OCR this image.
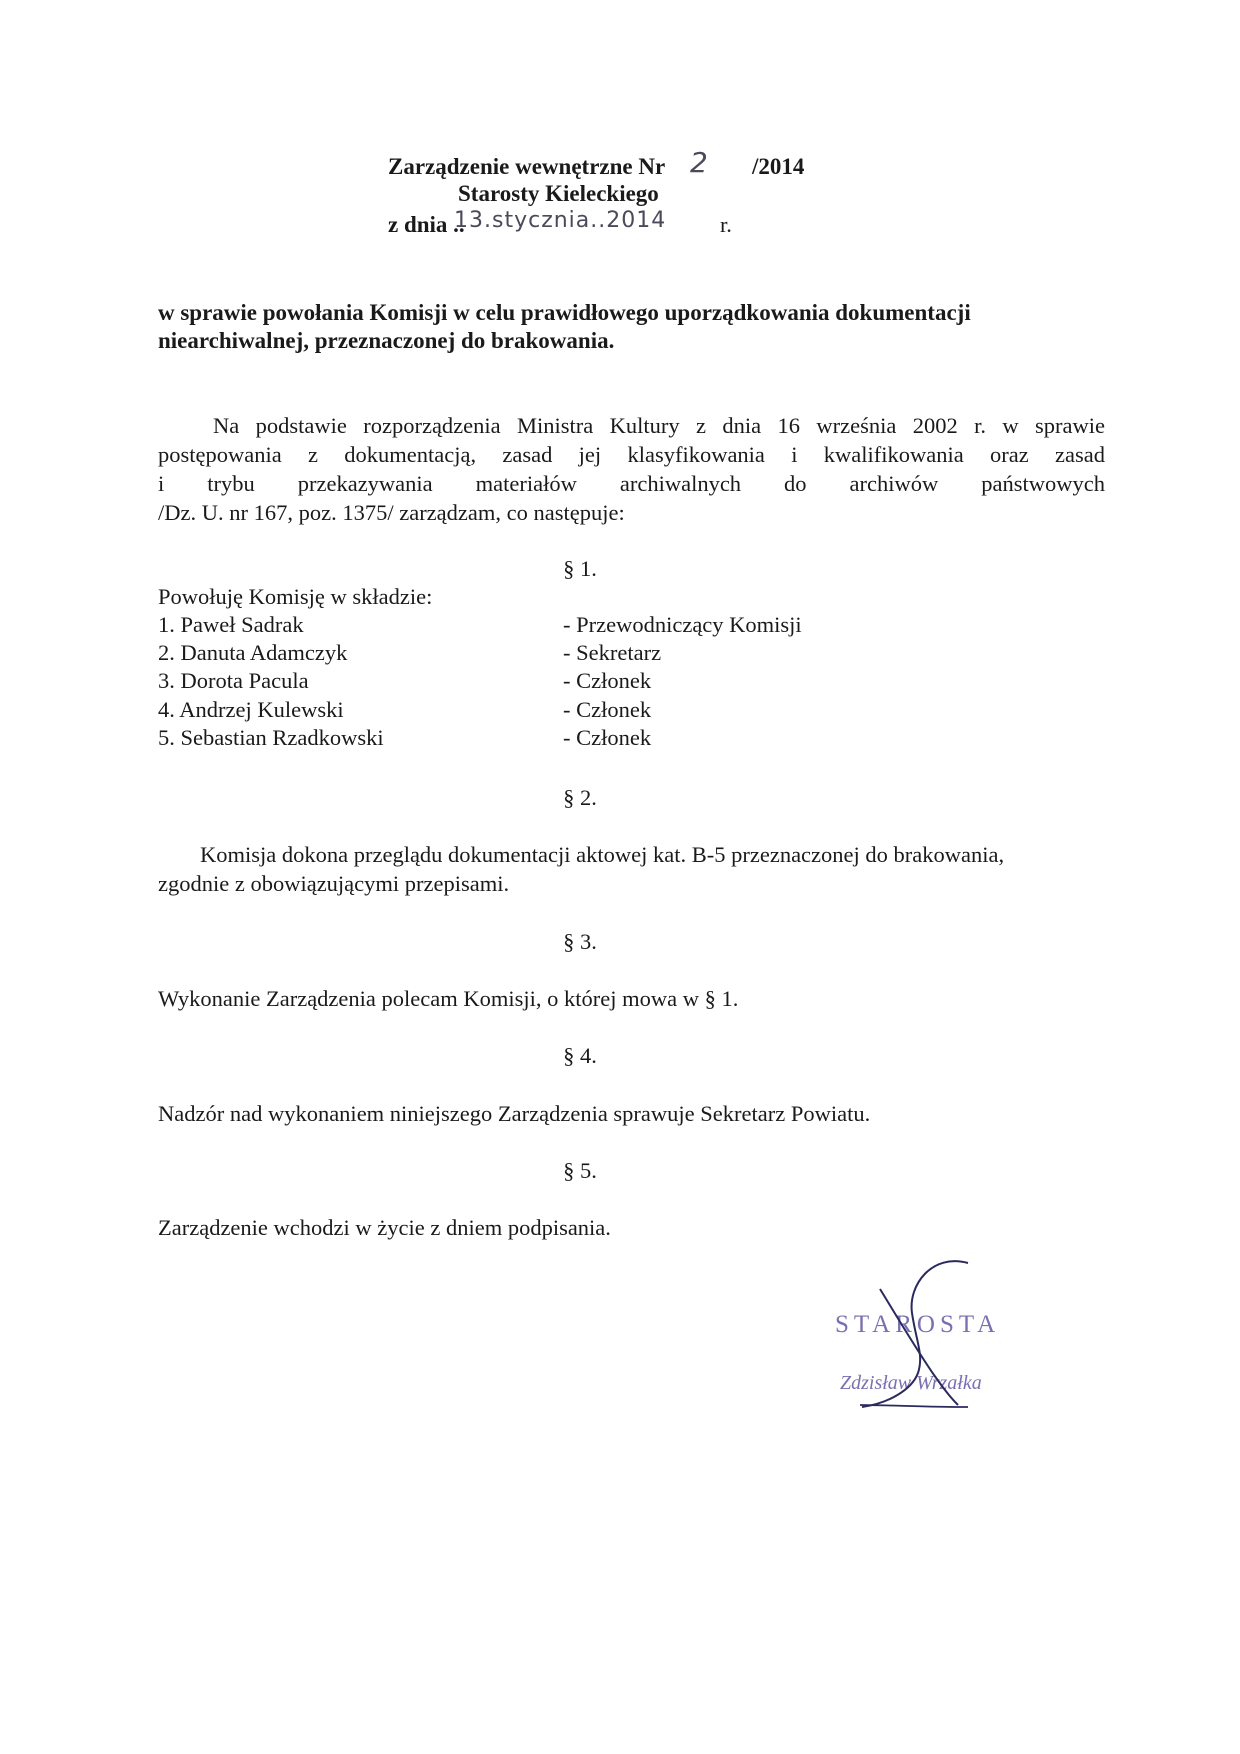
Zarządzenie wewnętrzne Nr 2 /2014
Starosty Kieleckiego
z dnia ..
13.stycznia..2014 r.
w sprawie powołania Komisji w celu prawidłowego uporządkowania dokumentacji
niearchiwalnej, przeznaczonej do brakowania.
Na podstawie rozporządzenia Ministra Kultury z dnia 16 września 2002 r. w sprawie
postępowania z dokumentacją, zasad jej klasyfikowania i kwalifikowania oraz zasad
i trybu przekazywania materiałów archiwalnych do archiwów państwowych
/Dz. U. nr 167, poz. 1375/ zarządzam, co następuje:
§ 1.
Powołuję Komisję w składzie:
1. Paweł Sadrak	- Przewodniczący Komisji
2. Danuta Adamczyk	- Sekretarz
3. Dorota Pacula	- Członek
4. Andrzej Kulewski	- Członek
5. Sebastian Rzadkowski	- Członek
§ 2.
Komisja dokona przeglądu dokumentacji aktowej kat. B-5 przeznaczonej do brakowania,
zgodnie z obowiązującymi przepisami.
§ 3.
Wykonanie Zarządzenia polecam Komisji, o której mowa w § 1.
§ 4.
Nadzór nad wykonaniem niniejszego Zarządzenia sprawuje Sekretarz Powiatu.
§ 5.
Zarządzenie wchodzi w życie z dniem podpisania.
STAROSTA
Zdzisław Wrzałka
